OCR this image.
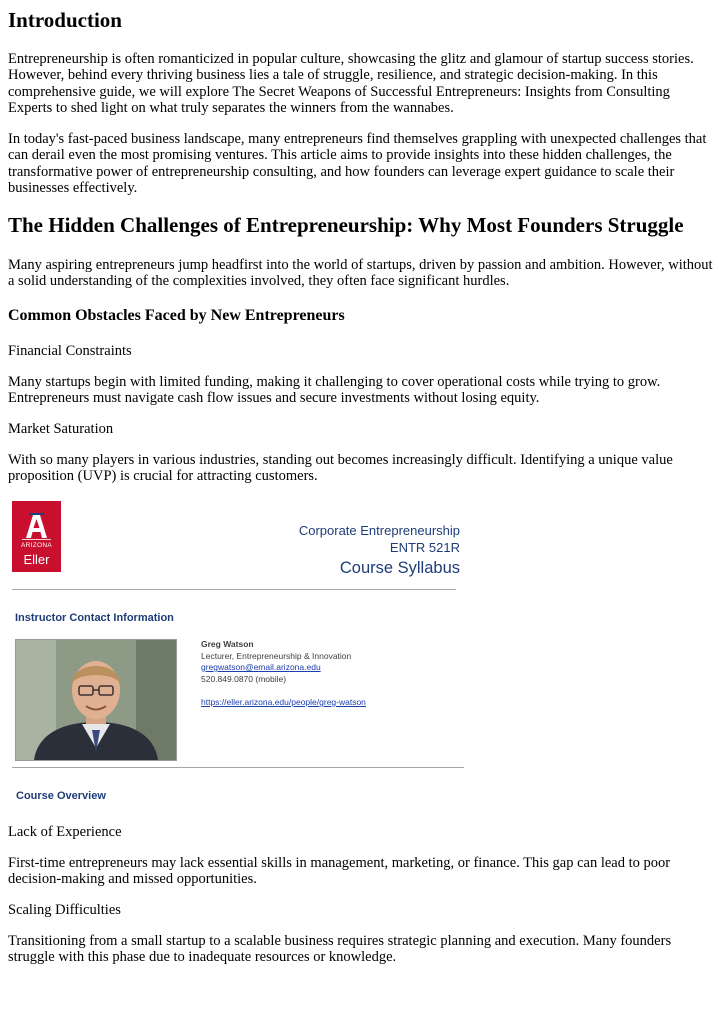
Introduction

Entrepreneurship is often romanticized in popular culture, showcasing the glitz and glamour of startup success stories. However, behind every thriving business lies a tale of struggle, resilience, and strategic decision-making. In this comprehensive guide, we will explore The Secret Weapons of Successful Entrepreneurs: Insights from Consulting Experts to shed light on what truly separates the winners from the wannabes.

In today's fast-paced business landscape, many entrepreneurs find themselves grappling with unexpected challenges that can derail even the most promising ventures. This article aims to provide insights into these hidden challenges, the transformative power of entrepreneurship consulting, and how founders can leverage expert guidance to scale their businesses effectively.

The Hidden Challenges of Entrepreneurship: Why Most Founders Struggle

Many aspiring entrepreneurs jump headfirst into the world of startups, driven by passion and ambition. However, without a solid understanding of the complexities involved, they often face significant hurdles.

Common Obstacles Faced by New Entrepreneurs

Financial Constraints

Many startups begin with limited funding, making it challenging to cover operational costs while trying to grow. Entrepreneurs must navigate cash flow issues and secure investments without losing equity.

Market Saturation

With so many players in various industries, standing out becomes increasingly difficult. Identifying a unique value proposition (UVP) is crucial for attracting customers.

ARIZONA
Eller
Corporate Entrepreneurship
ENTR 521R
Course Syllabus
Instructor Contact Information
Greg Watson
Lecturer, Entrepreneurship & Innovation
gregwatson@email.arizona.edu
520.849.0870 (mobile)
https://eller.arizona.edu/people/greg-watson
Course Overview

Lack of Experience

First-time entrepreneurs may lack essential skills in management, marketing, or finance. This gap can lead to poor decision-making and missed opportunities.

Scaling Difficulties

Transitioning from a small startup to a scalable business requires strategic planning and execution. Many founders struggle with this phase due to inadequate resources or knowledge.
